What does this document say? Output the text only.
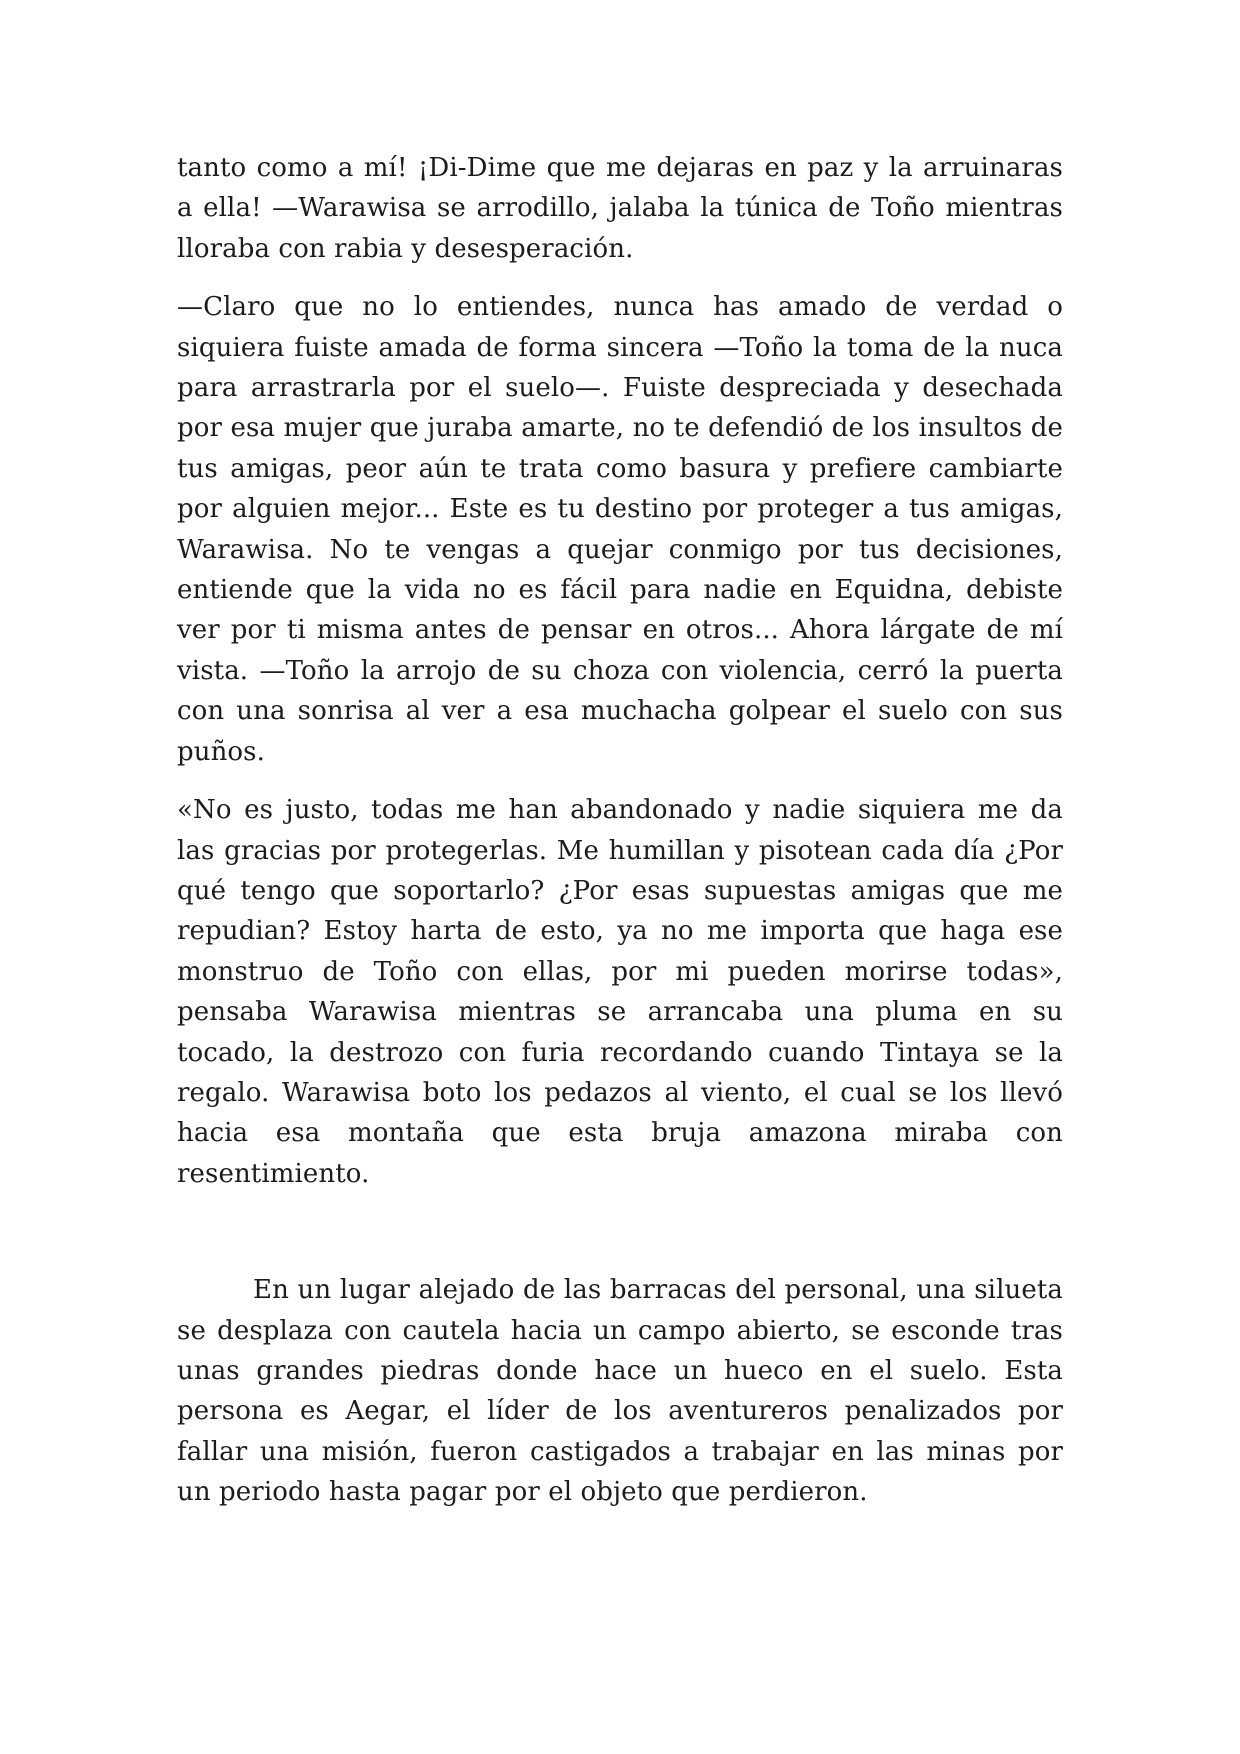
tanto como a mí! ¡Di-Dime que me dejaras en paz y la arruinaras a ella! —Warawisa se arrodillo, jalaba la túnica de Toño mientras lloraba con rabia y desesperación.

—Claro que no lo entiendes, nunca has amado de verdad o siquiera fuiste amada de forma sincera —Toño la toma de la nuca para arrastrarla por el suelo—. Fuiste despreciada y desechada por esa mujer que juraba amarte, no te defendió de los insultos de tus amigas, peor aún te trata como basura y prefiere cambiarte por alguien mejor... Este es tu destino por proteger a tus amigas, Warawisa. No te vengas a quejar conmigo por tus decisiones, entiende que la vida no es fácil para nadie en Equidna, debiste ver por ti misma antes de pensar en otros... Ahora lárgate de mí vista. —Toño la arrojo de su choza con violencia, cerró la puerta con una sonrisa al ver a esa muchacha golpear el suelo con sus puños.

«No es justo, todas me han abandonado y nadie siquiera me da las gracias por protegerlas. Me humillan y pisotean cada día ¿Por qué tengo que soportarlo? ¿Por esas supuestas amigas que me repudian? Estoy harta de esto, ya no me importa que haga ese monstruo de Toño con ellas, por mi pueden morirse todas», pensaba Warawisa mientras se arrancaba una pluma en su tocado, la destrozo con furia recordando cuando Tintaya se la regalo. Warawisa boto los pedazos al viento, el cual se los llevó hacia esa montaña que esta bruja amazona miraba con resentimiento.

En un lugar alejado de las barracas del personal, una silueta se desplaza con cautela hacia un campo abierto, se esconde tras unas grandes piedras donde hace un hueco en el suelo. Esta persona es Aegar, el líder de los aventureros penalizados por fallar una misión, fueron castigados a trabajar en las minas por un periodo hasta pagar por el objeto que perdieron.
